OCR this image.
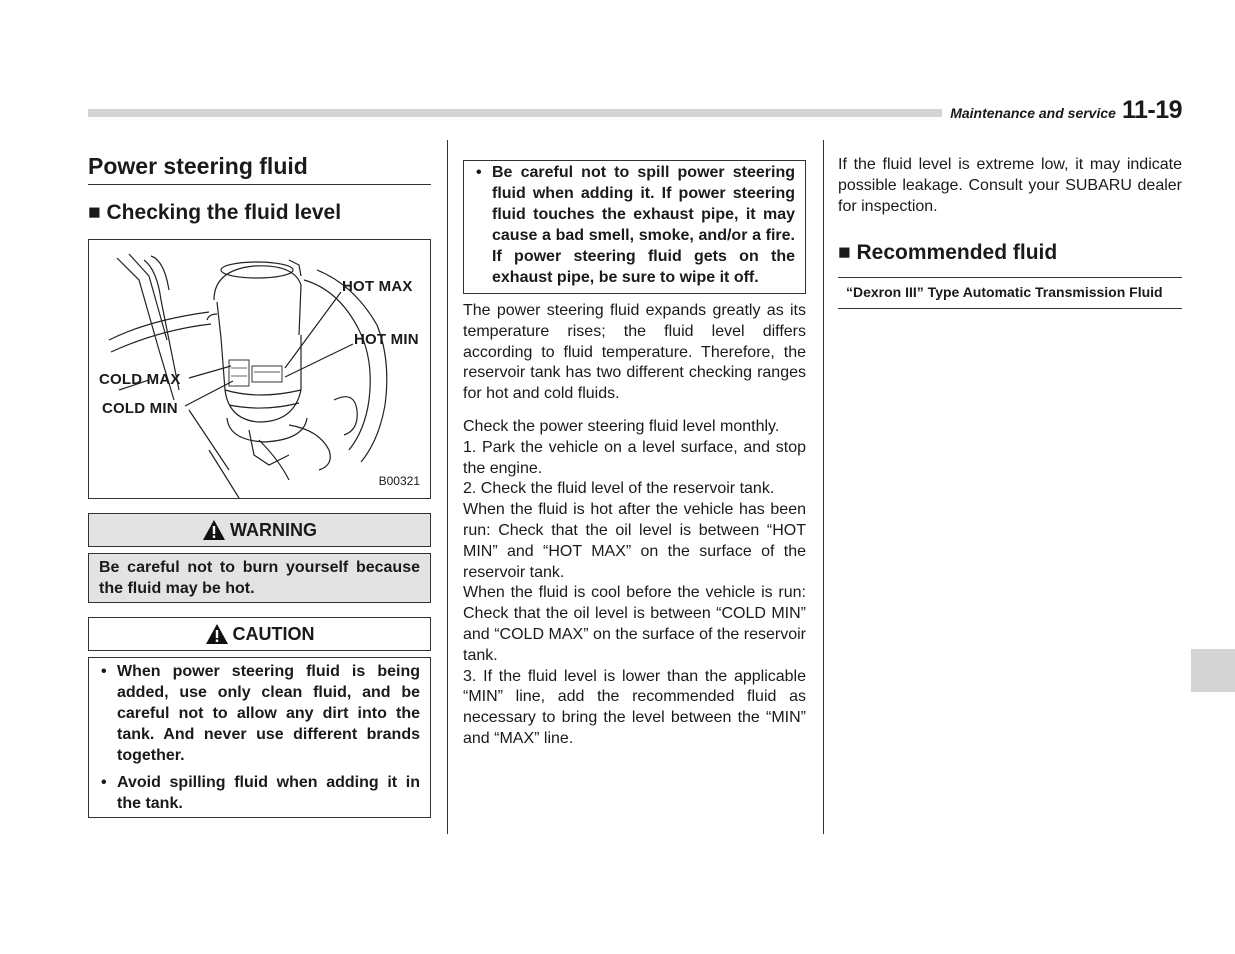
Maintenance and service 11-19
Power steering fluid
■ Checking the fluid level
HOT MAX
HOT MIN
COLD MAX
COLD MIN
B00321
WARNING
Be careful not to burn yourself because the fluid may be hot.
CAUTION
• When power steering fluid is being added, use only clean fluid, and be careful not to allow any dirt into the tank. And never use different brands together.
• Avoid spilling fluid when adding it in the tank.
• Be careful not to spill power steering fluid when adding it. If power steering fluid touches the exhaust pipe, it may cause a bad smell, smoke, and/or a fire. If power steering fluid gets on the exhaust pipe, be sure to wipe it off.
The power steering fluid expands greatly as its temperature rises; the fluid level differs according to fluid temperature. Therefore, the reservoir tank has two different checking ranges for hot and cold fluids.
Check the power steering fluid level monthly.
1. Park the vehicle on a level surface, and stop the engine.
2. Check the fluid level of the reservoir tank.
When the fluid is hot after the vehicle has been run: Check that the oil level is between “HOT MIN” and “HOT MAX” on the surface of the reservoir tank.
When the fluid is cool before the vehicle is run: Check that the oil level is between “COLD MIN” and “COLD MAX” on the surface of the reservoir tank.
3. If the fluid level is lower than the applicable “MIN” line, add the recommended fluid as necessary to bring the level between the “MIN” and “MAX” line.
If the fluid level is extreme low, it may indicate possible leakage. Consult your SUBARU dealer for inspection.
■ Recommended fluid
“Dexron III” Type Automatic Transmission Fluid
